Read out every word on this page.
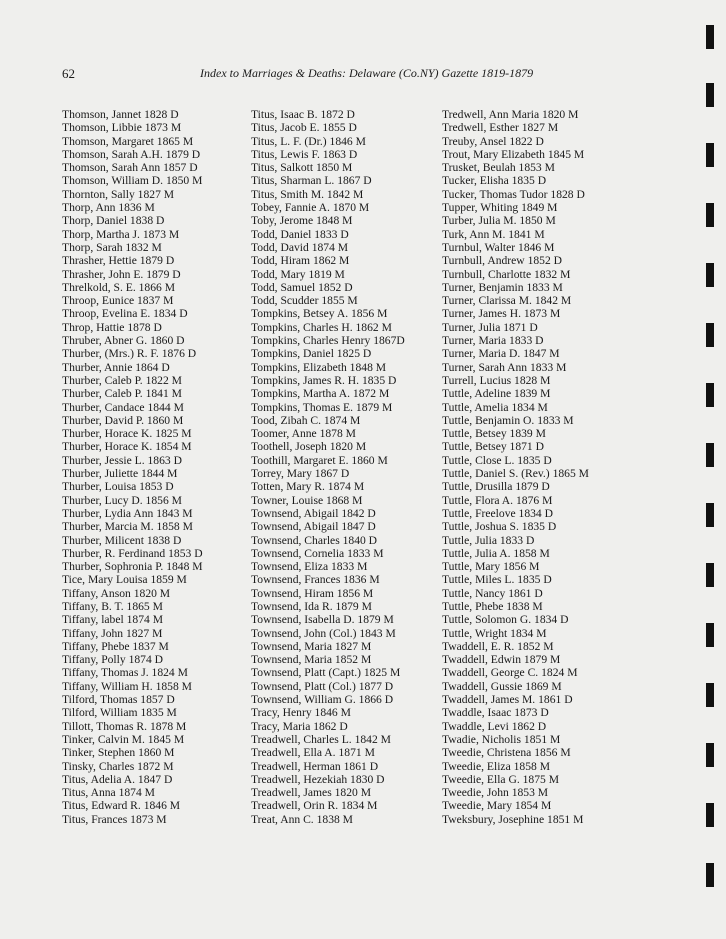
62	Index to Marriages & Deaths: Delaware (Co.NY) Gazette 1819-1879
Thomson, Jannet 1828 D
Thomson, Libbie 1873 M
Thomson, Margaret 1865 M
Thomson, Sarah A.H. 1879 D
Thomson, Sarah Ann 1857 D
Thomson, William D. 1850 M
Thornton, Sally 1827 M
Thorp, Ann 1836 M
Thorp, Daniel 1838 D
Thorp, Martha J. 1873 M
Thorp, Sarah 1832 M
Thrasher, Hettie 1879 D
Thrasher, John E. 1879 D
Threlkold, S. E. 1866 M
Throop, Eunice 1837 M
Throop, Evelina E. 1834 D
Throp, Hattie 1878 D
Thruber, Abner G. 1860 D
Thurber, (Mrs.) R. F. 1876 D
Thurber, Annie 1864 D
Thurber, Caleb P. 1822 M
Thurber, Caleb P. 1841 M
Thurber, Candace 1844 M
Thurber, David P. 1860 M
Thurber, Horace K. 1825 M
Thurber, Horace K. 1854 M
Thurber, Jessie L. 1863 D
Thurber, Juliette 1844 M
Thurber, Louisa 1853 D
Thurber, Lucy D. 1856 M
Thurber, Lydia Ann 1843 M
Thurber, Marcia M. 1858 M
Thurber, Milicent 1838 D
Thurber, R. Ferdinand 1853 D
Thurber, Sophronia P. 1848 M
Tice, Mary Louisa 1859 M
Tiffany, Anson 1820 M
Tiffany, B. T. 1865 M
Tiffany, label 1874 M
Tiffany, John 1827 M
Tiffany, Phebe 1837 M
Tiffany, Polly 1874 D
Tiffany, Thomas J. 1824 M
Tiffany, William H. 1858 M
Tilford, Thomas 1857 D
Tilford, William 1835 M
Tillott, Thomas R. 1878 M
Tinker, Calvin M. 1845 M
Tinker, Stephen 1860 M
Tinsky, Charles 1872 M
Titus, Adelia A. 1847 D
Titus, Anna 1874 M
Titus, Edward R. 1846 M
Titus, Frances 1873 M
Titus, Isaac B. 1872 D
Titus, Jacob E. 1855 D
Titus, L. F. (Dr.) 1846 M
Titus, Lewis F. 1863 D
Titus, Salkott 1850 M
Titus, Sharman L. 1867 D
Titus, Smith M. 1842 M
Tobey, Fannie A. 1870 M
Toby, Jerome 1848 M
Todd, Daniel 1833 D
Todd, David 1874 M
Todd, Hiram 1862 M
Todd, Mary 1819 M
Todd, Samuel 1852 D
Todd, Scudder 1855 M
Tompkins, Betsey A. 1856 M
Tompkins, Charles H. 1862 M
Tompkins, Charles Henry 1867D
Tompkins, Daniel 1825 D
Tompkins, Elizabeth 1848 M
Tompkins, James R. H. 1835 D
Tompkins, Martha A. 1872 M
Tompkins, Thomas E. 1879 M
Tood, Zibah C. 1874 M
Toomer, Anne 1878 M
Toothell, Joseph 1820 M
Toothill, Margaret E. 1860 M
Torrey, Mary 1867 D
Totten, Mary R. 1874 M
Towner, Louise 1868 M
Townsend, Abigail 1842 D
Townsend, Abigail 1847 D
Townsend, Charles 1840 D
Townsend, Cornelia 1833 M
Townsend, Eliza 1833 M
Townsend, Frances 1836 M
Townsend, Hiram 1856 M
Townsend, Ida R. 1879 M
Townsend, Isabella D. 1879 M
Townsend, John (Col.) 1843 M
Townsend, Maria 1827 M
Townsend, Maria 1852 M
Townsend, Platt (Capt.) 1825 M
Townsend, Platt (Col.) 1877 D
Townsend, William G. 1866 D
Tracy, Henry 1846 M
Tracy, Maria 1862 D
Treadwell, Charles L. 1842 M
Treadwell, Ella A. 1871 M
Treadwell, Herman 1861 D
Treadwell, Hezekiah 1830 D
Treadwell, James 1820 M
Treadwell, Orin R. 1834 M
Treat, Ann C. 1838 M
Tredwell, Ann Maria 1820 M
Tredwell, Esther 1827 M
Treuby, Ansel 1822 D
Trout, Mary Elizabeth 1845 M
Trusket, Beulah 1853 M
Tucker, Elisha 1835 D
Tucker, Thomas Tudor 1828 D
Tupper, Whiting 1849 M
Turber, Julia M. 1850 M
Turk, Ann M. 1841 M
Turnbul, Walter 1846 M
Turnbull, Andrew 1852 D
Turnbull, Charlotte 1832 M
Turner, Benjamin 1833 M
Turner, Clarissa M. 1842 M
Turner, James H. 1873 M
Turner, Julia 1871 D
Turner, Maria 1833 D
Turner, Maria D. 1847 M
Turner, Sarah Ann 1833 M
Turrell, Lucius 1828 M
Tuttle, Adeline 1839 M
Tuttle, Amelia 1834 M
Tuttle, Benjamin O. 1833 M
Tuttle, Betsey 1839 M
Tuttle, Betsey 1871 D
Tuttle, Close L. 1835 D
Tuttle, Daniel S. (Rev.) 1865 M
Tuttle, Drusilla 1879 D
Tuttle, Flora A. 1876 M
Tuttle, Freelove 1834 D
Tuttle, Joshua S. 1835 D
Tuttle, Julia 1833 D
Tuttle, Julia A. 1858 M
Tuttle, Mary 1856 M
Tuttle, Miles L. 1835 D
Tuttle, Nancy 1861 D
Tuttle, Phebe 1838 M
Tuttle, Solomon G. 1834 D
Tuttle, Wright 1834 M
Twaddell, E. R. 1852 M
Twaddell, Edwin 1879 M
Twaddell, George C. 1824 M
Twaddell, Gussie 1869 M
Twaddell, James M. 1861 D
Twaddle, Isaac 1873 D
Twaddle, Levi 1862 D
Twadie, Nicholis 1851 M
Tweedie, Christena 1856 M
Tweedie, Eliza 1858 M
Tweedie, Ella G. 1875 M
Tweedie, John 1853 M
Tweedie, Mary 1854 M
Tweksbury, Josephine 1851 M
